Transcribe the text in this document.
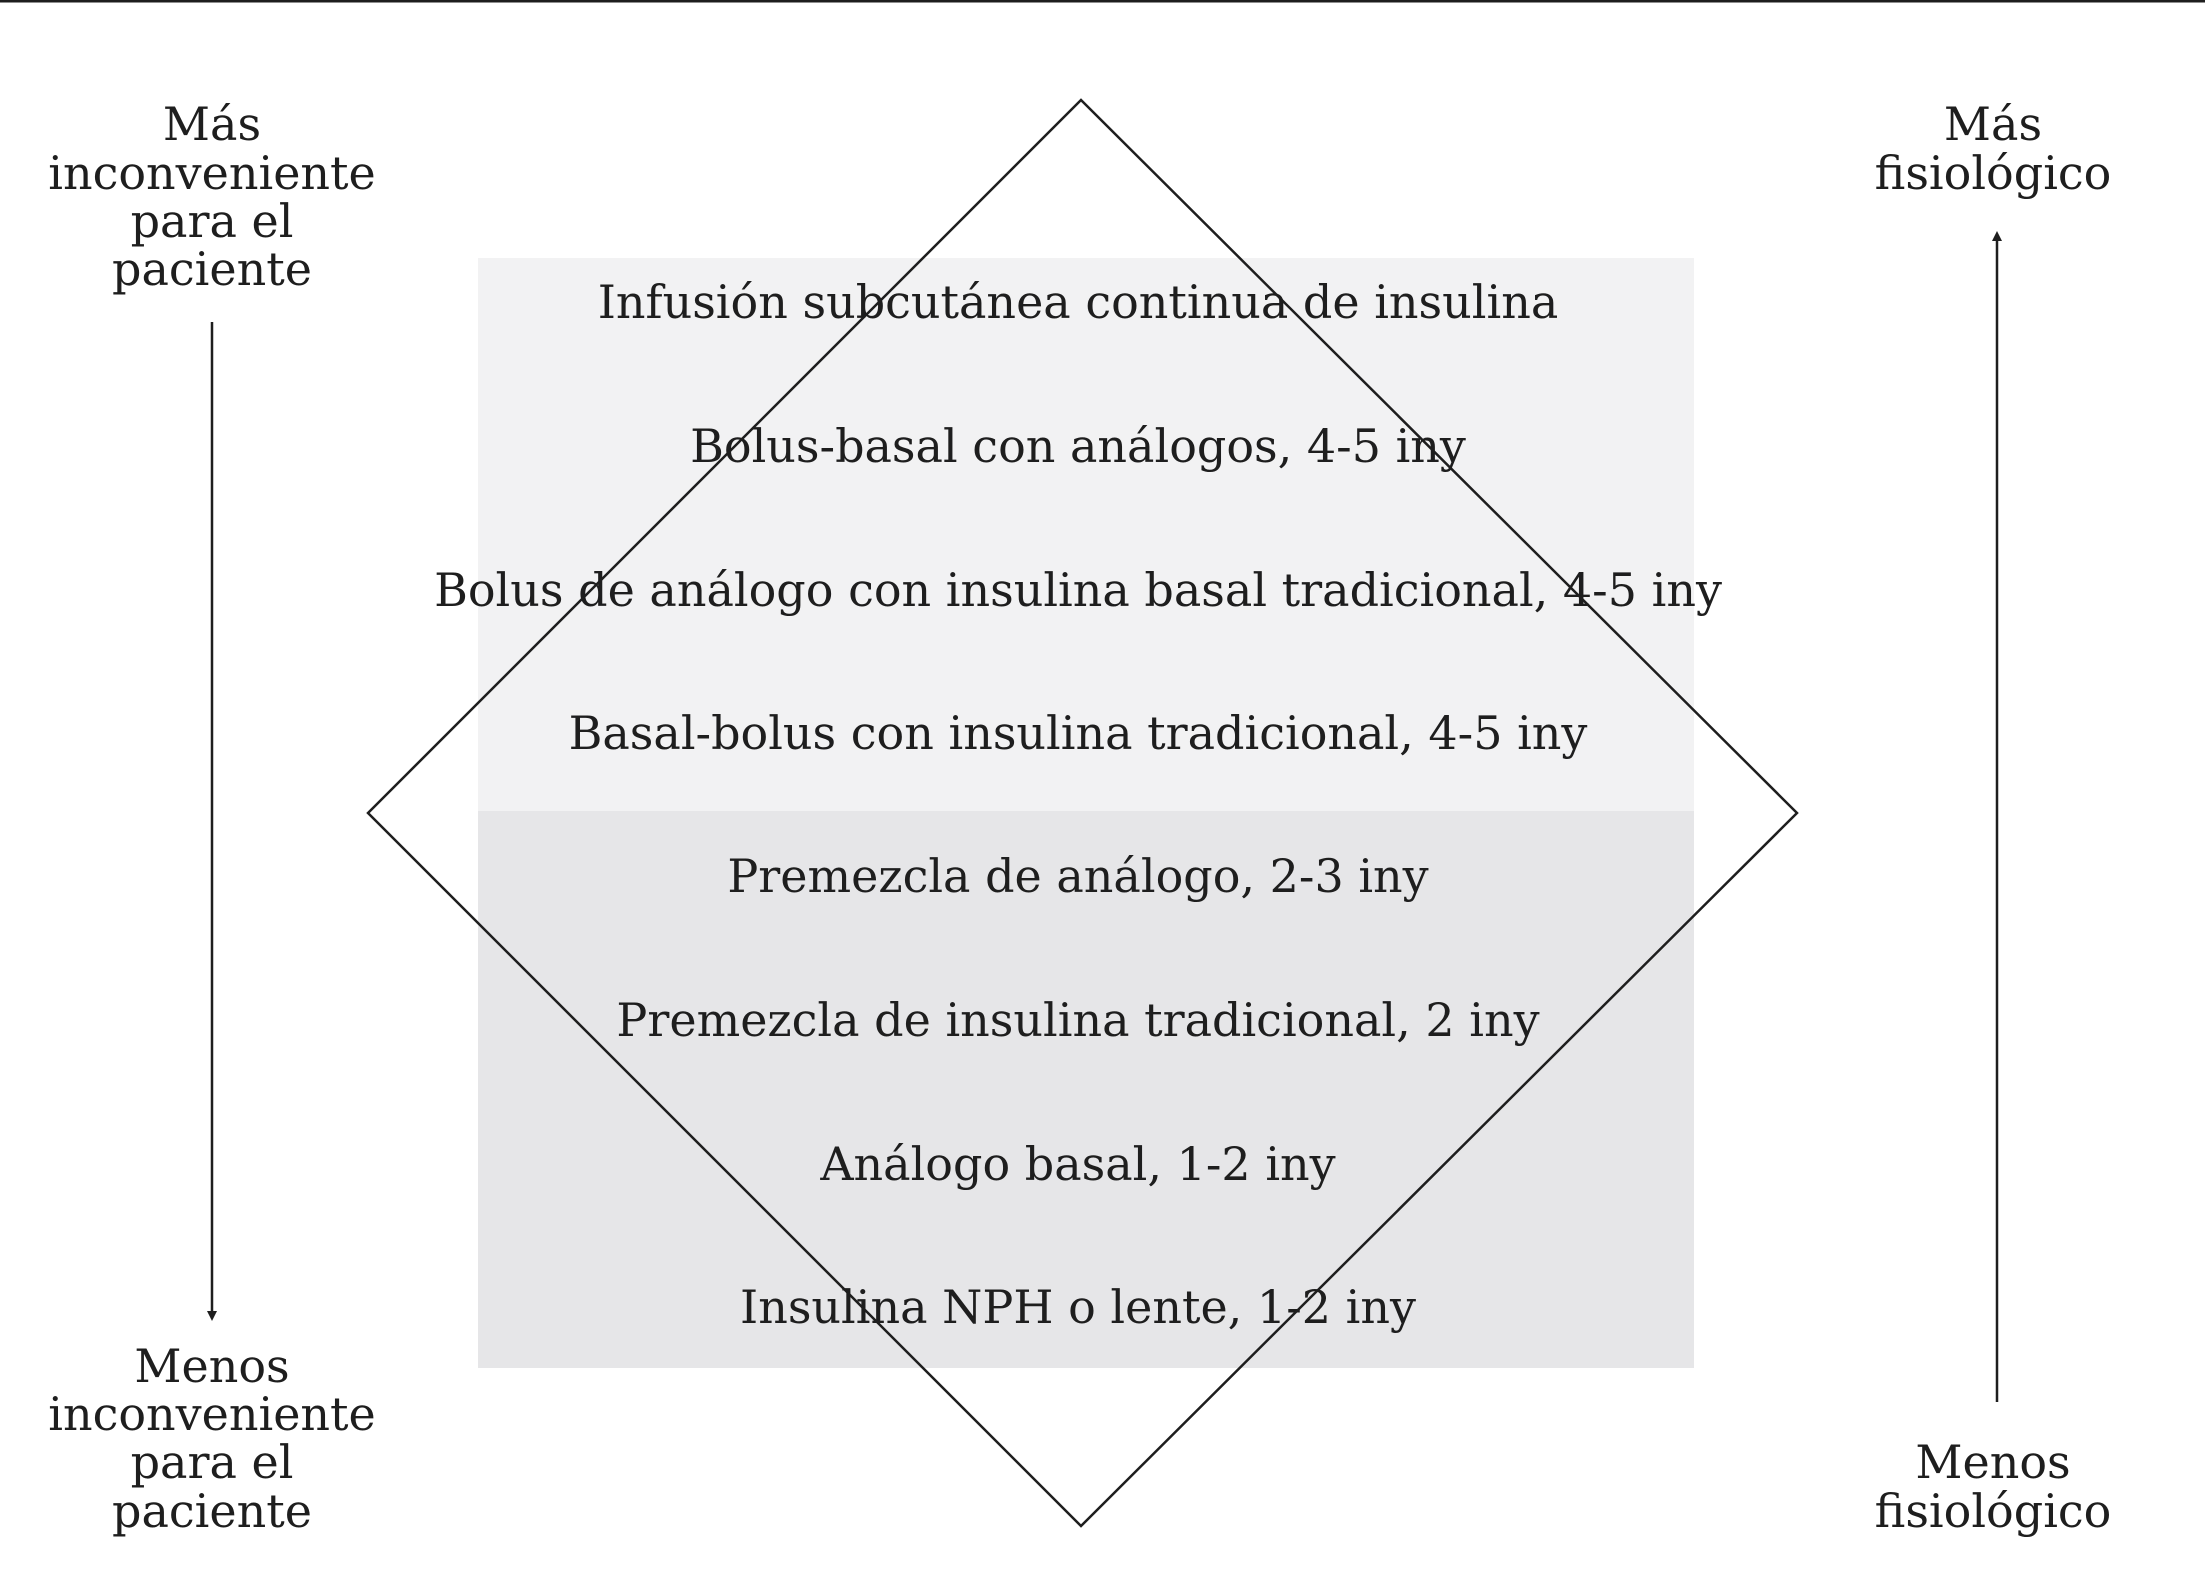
Infusión subcutánea continua de insulina
Bolus-basal con análogos, 4-5 iny
Bolus de análogo con insulina basal tradicional, 4-5 iny
Basal-bolus con insulina tradicional, 4-5 iny
Premezcla de análogo, 2-3 iny
Premezcla de insulina tradicional, 2 iny
Análogo basal, 1-2 iny
Insulina NPH o lente, 1-2 iny
Más
inconveniente
para el
paciente
Menos
inconveniente
para el
paciente
Más
fisiológico
Menos
fisiológico
